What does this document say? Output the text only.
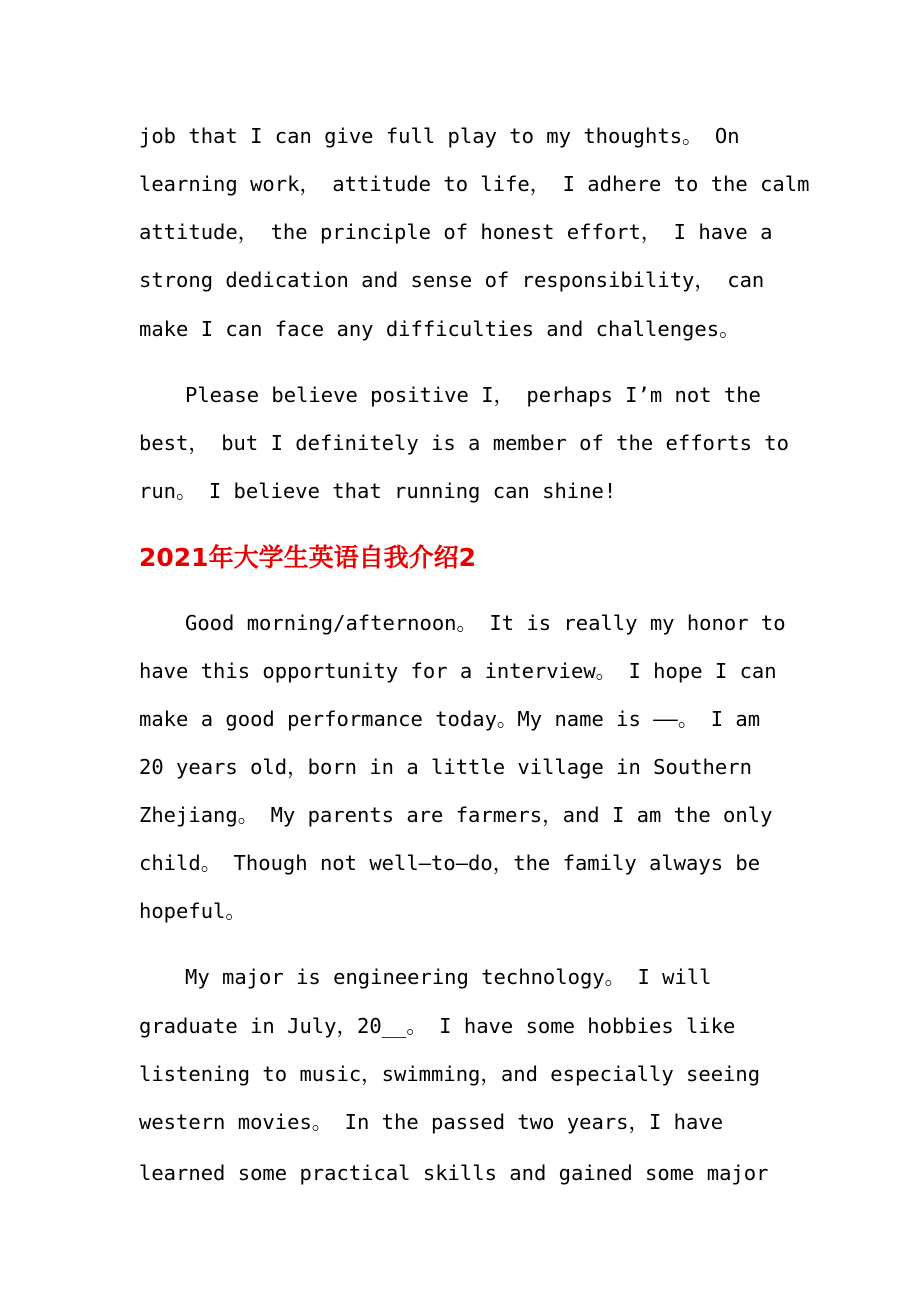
job that I can give full play to my thoughts。 On
learning work， attitude to life， I adhere to the calm
attitude， the principle of honest effort， I have a
strong dedication and sense of responsibility， can
make I can face any difficulties and challenges。
Please believe positive I， perhaps I’m not the
best， but I definitely is a member of the efforts to
run。 I believe that running can shine!
2021年大学生英语自我介绍2
Good morning/afternoon。 It is really my honor to
have this opportunity for a interview。 I hope I can
make a good performance today。My name is ——。 I am
20 years old，born in a little village in Southern
Zhejiang。 My parents are farmers，and I am the only
child。 Though not well—to—do，the family always be
hopeful。
My major is engineering technology。 I will
graduate in July，20__。 I have some hobbies like
listening to music，swimming，and especially seeing
western movies。 In the passed two years，I have
learned some practical skills and gained some major
